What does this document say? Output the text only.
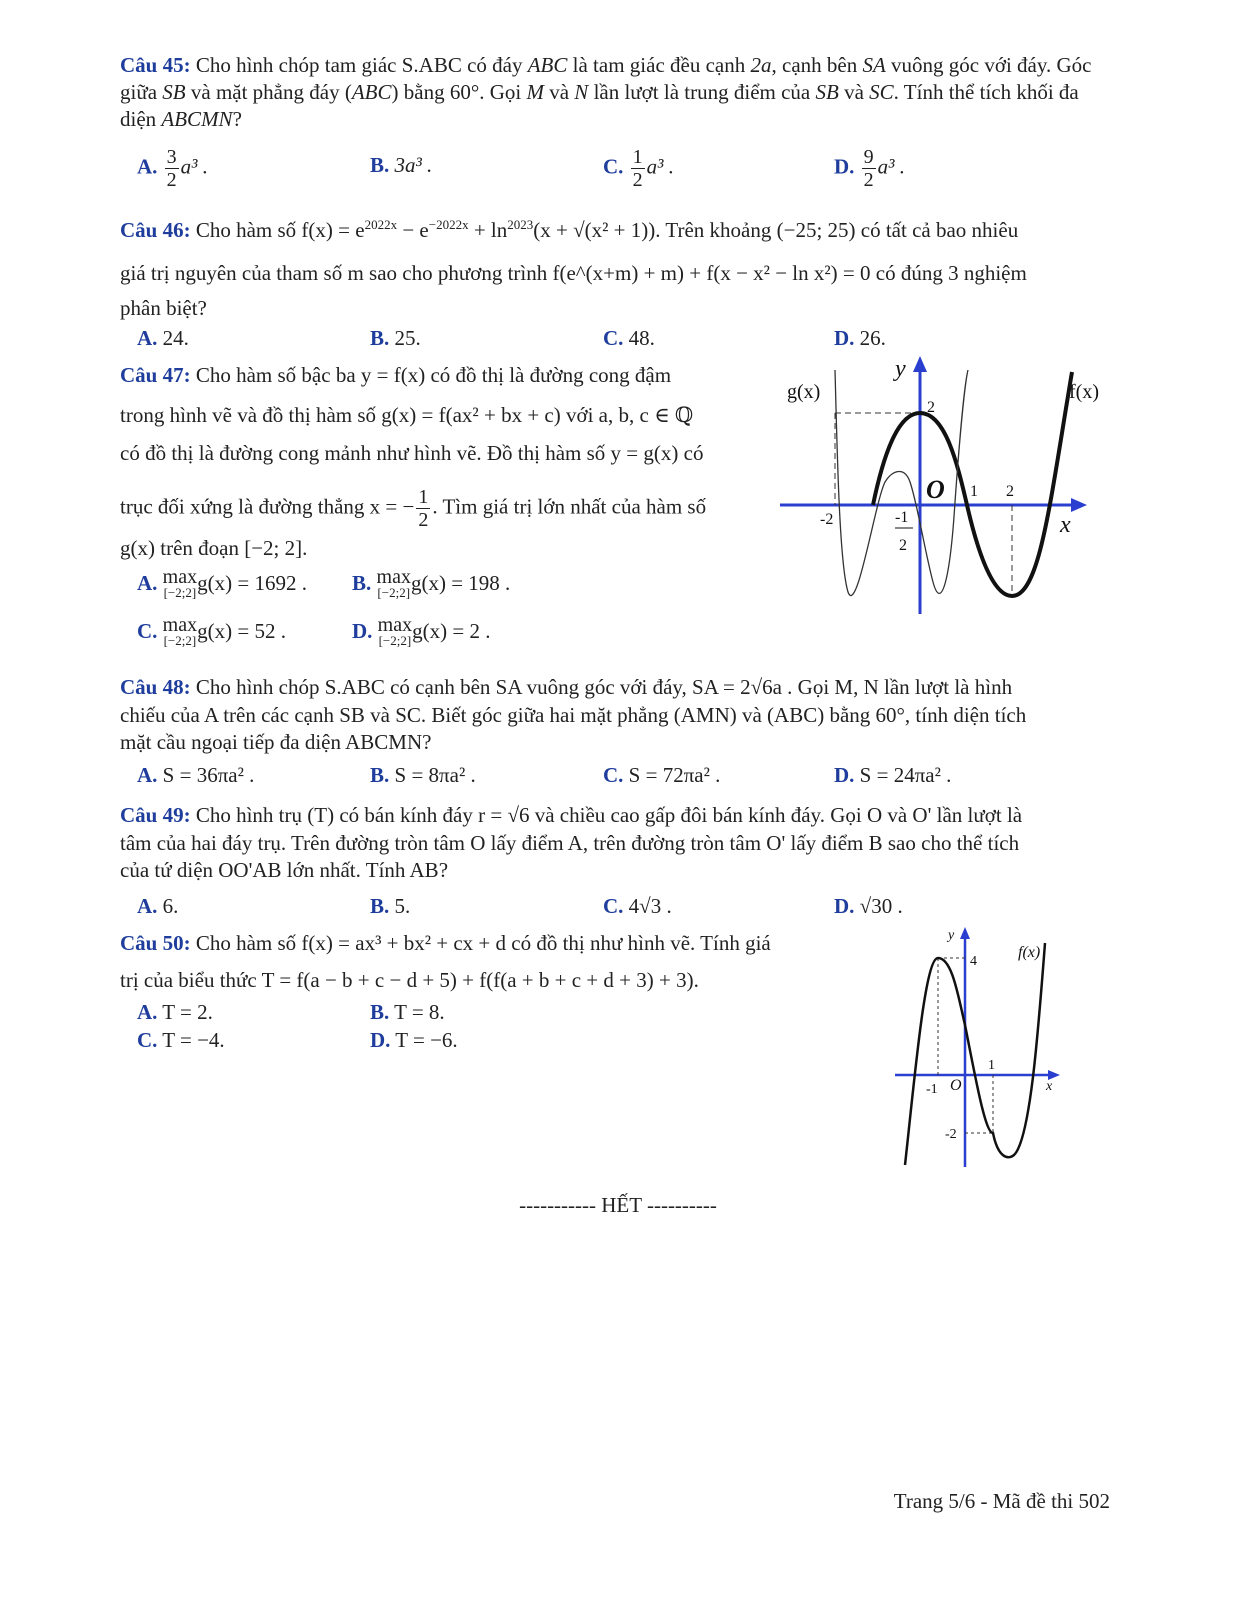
Câu 45: Cho hình chóp tam giác S.ABC có đáy ABC là tam giác đều cạnh 2a, cạnh bên SA vuông góc với đáy. Góc giữa SB và mặt phẳng đáy (ABC) bằng 60°. Gọi M và N lần lượt là trung điểm của SB và SC. Tính thể tích khối đa diện ABCMN?
A. $\frac{3}{2} a^3$ .	B. 3a³ .	C. $\frac{1}{2} a^3$ .	D. $\frac{9}{2} a^3$ .
Câu 46: Cho hàm số $f(x) = e^{2022x} - e^{-2022x} + \ln^{2023}(x + √(x^2 + 1))$. Trên khoảng (−25; 25) có tất cả bao nhiêu
giá trị nguyên của tham số m sao cho phương trình f(e^(x+m) + m) + f(x − x² − ln x²) = 0 có đúng 3 nghiệm
phân biệt?
A. 24.	B. 25.	C. 48.	D. 26.
Câu 47: Cho hàm số bậc ba y = f(x) có đồ thị là đường cong đậm
trong hình vẽ và đồ thị hàm số g(x) = f(ax² + bx + c) với a, b, c ∈ ℚ
có đồ thị là đường cong mảnh như hình vẽ. Đồ thị hàm số y = g(x) có
trục đối xứng là đường thẳng x = − $\frac{1}{2}$ . Tìm giá trị lớn nhất của hàm số
g(x) trên đoạn [−2; 2].
A. max
[−2;2] g(x) = 1692 . B. max
[−2;2] g(x) = 198 .
C. max
[−2;2] g(x) = 52 .	D. max
[−2;2] g(x) = 2 .
g(x)	f(x)
y
x
2
O 1 2
-2	-1
2
Câu 48: Cho hình chóp S.ABC có cạnh bên SA vuông góc với đáy, SA = 2√6a . Gọi M, N lần lượt là hình
chiếu của A trên các cạnh SB và SC. Biết góc giữa hai mặt phẳng (AMN) và (ABC) bằng 60°, tính diện tích
mặt cầu ngoại tiếp đa diện ABCMN?
A. S = 36πa² .	B. S = 8πa² .	C. S = 72πa² .	D. S = 24πa² .
Câu 49: Cho hình trụ (T) có bán kính đáy r = √6 và chiều cao gấp đôi bán kính đáy. Gọi O và O' lần lượt là
tâm của hai đáy trụ. Trên đường tròn tâm O lấy điểm A, trên đường tròn tâm O' lấy điểm B sao cho thể tích
của tứ diện OO'AB lớn nhất. Tính AB?
A. 6.	B. 5.	C. 4√3 .	D. √30 .
Câu 50: Cho hàm số f(x) = ax³ + bx² + cx + d có đồ thị như hình vẽ. Tính giá
trị của biểu thức T = f(a − b + c − d + 5) + f(f(a + b + c + d + 3) + 3).
A. T = 2.	B. T = 8.
C. T = −4.	D. T = −6.
y
4
f(x)
1
-1 O	x
-2
----------- HẾT ----------
Trang 5/6 - Mã đề thi 502
